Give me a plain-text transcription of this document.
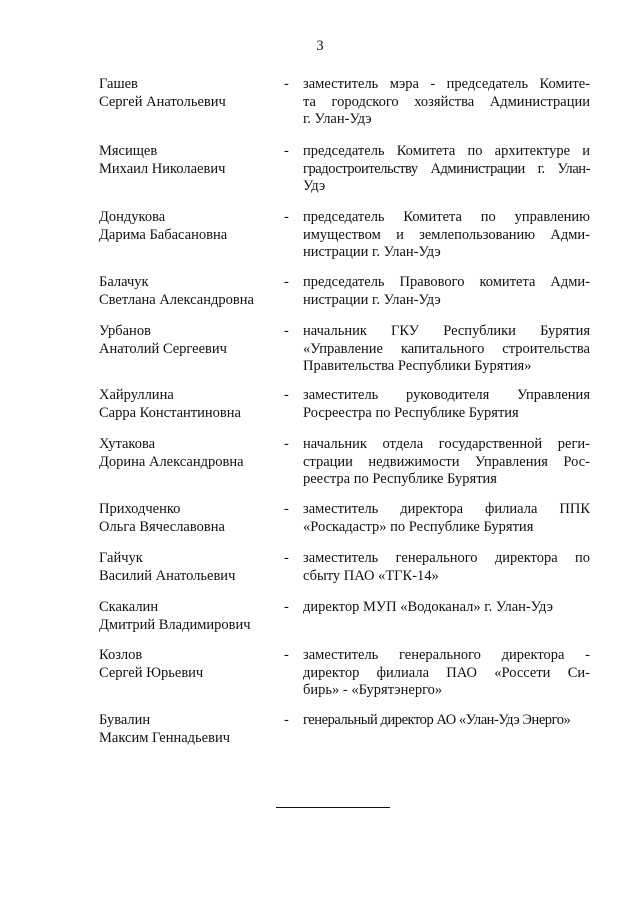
3
Гашев
Сергей Анатольевич
- заместитель мэра - председатель Комите-
та городского хозяйства Администрации
г. Улан-Удэ
Мясищев
Михаил Николаевич
- председатель Комитета по архитектуре и
градостроительству Администрации г. Улан-
Удэ
Дондукова
Дарима Бабасановна
- председатель Комитета по управлению
имуществом и землепользованию Адми-
нистрации г. Улан-Удэ
Балачук
Светлана Александровна
- председатель Правового комитета Адми-
нистрации г. Улан-Удэ
Урбанов
Анатолий Сергеевич
- начальник ГКУ Республики Бурятия
«Управление капитального строительства
Правительства Республики Бурятия»
Хайруллина
Сарра Константиновна
- заместитель руководителя Управления
Росреестра по Республике Бурятия
Хутакова
Дорина Александровна
- начальник отдела государственной реги-
страции недвижимости Управления Рос-
реестра по Республике Бурятия
Приходченко
Ольга Вячеславовна
- заместитель директора филиала ППК
«Роскадастр» по Республике Бурятия
Гайчук
Василий Анатольевич
- заместитель генерального директора по
сбыту ПАО «ТГК-14»
Скакалин
Дмитрий Владимирович
- директор МУП «Водоканал» г. Улан-Удэ
Козлов
Сергей Юрьевич
- заместитель генерального директора -
директор филиала ПАО «Россети Си-
бирь» - «Бурятэнерго»
Бувалин
Максим Геннадьевич
- генеральный директор АО «Улан-Удэ Энерго»
